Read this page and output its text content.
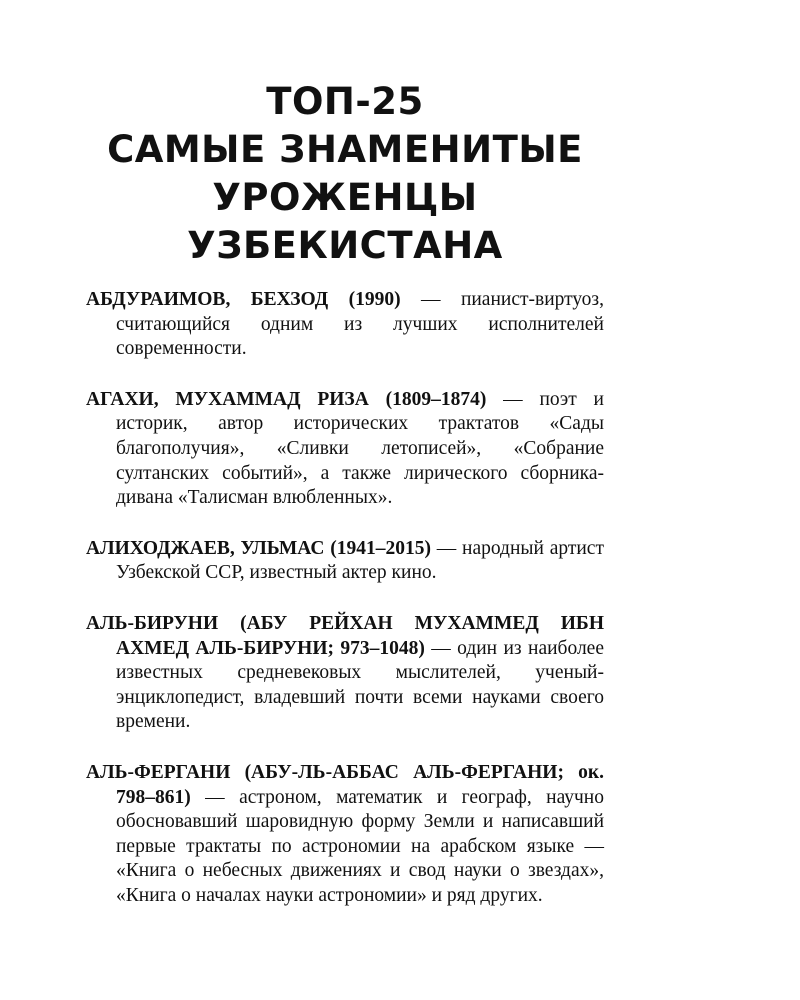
ТОП-25
САМЫЕ ЗНАМЕНИТЫЕ
УРОЖЕНЦЫ
УЗБЕКИСТАНА

АБДУРАИМОВ, БЕХЗОД (1990) — пианист-виртуоз, считающийся одним из лучших исполнителей современности.

АГАХИ, МУХАММАД РИЗА (1809–1874) — поэт и историк, автор исторических трактатов «Сады благополучия», «Сливки летописей», «Собрание султанских событий», а также лирического сборника-дивана «Талисман влюбленных».

АЛИХОДЖАЕВ, УЛЬМАС (1941–2015) — народный артист Узбекской ССР, известный актер кино.

АЛЬ-БИРУНИ (АБУ РЕЙХАН МУХАММЕД ИБН АХМЕД АЛЬ-БИРУНИ; 973–1048) — один из наиболее известных средневековых мыслителей, ученый-энциклопедист, владевший почти всеми науками своего времени.

АЛЬ-ФЕРГАНИ (АБУ-ЛЬ-АББАС АЛЬ-ФЕРГАНИ; ок. 798–861) — астроном, математик и географ, научно обосновавший шаровидную форму Земли и написавший первые трактаты по астрономии на арабском языке — «Книга о небесных движениях и свод науки о звездах», «Книга о началах науки астрономии» и ряд других.
